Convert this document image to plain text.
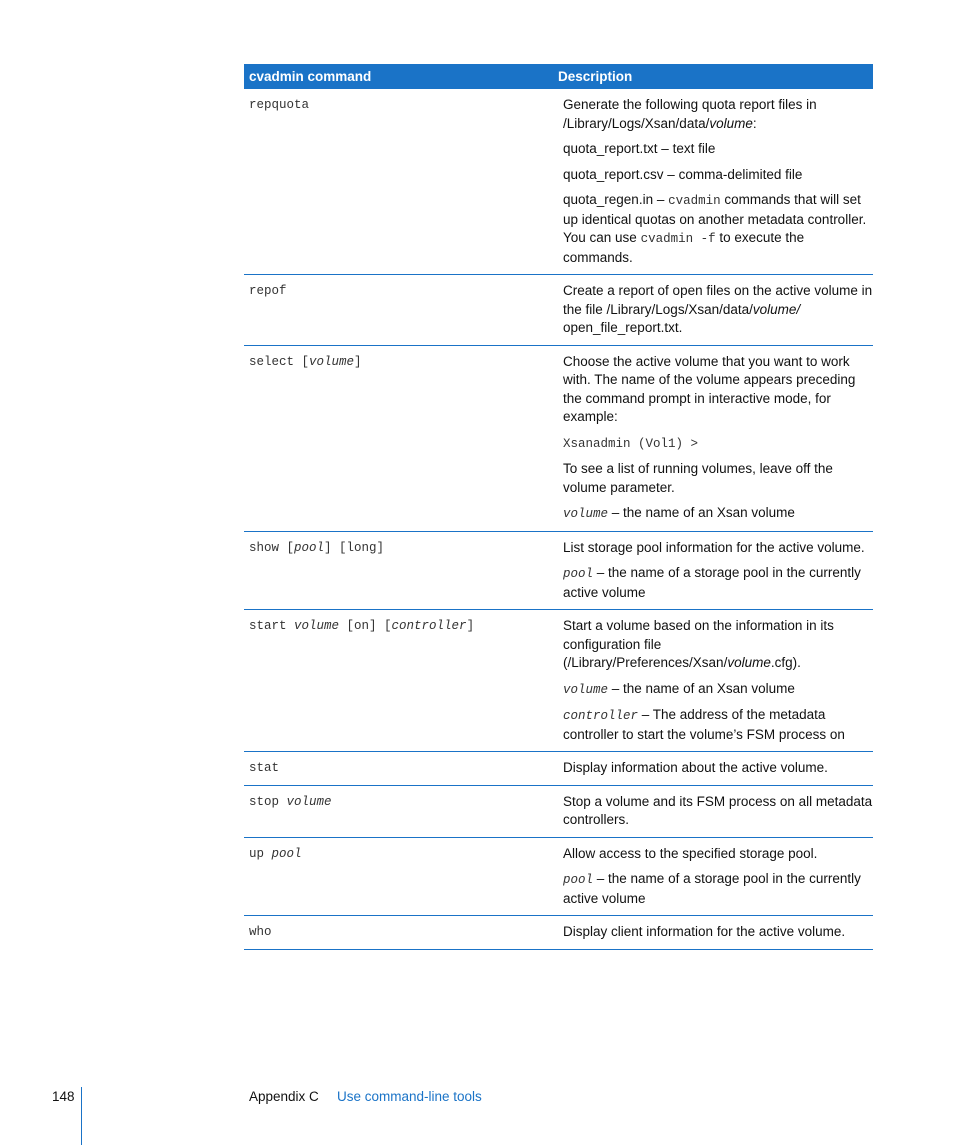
cvadmin command	Description
repquota	Generate the following quota report files in /Library/Logs/Xsan/data/volume:

quota_report.txt – text file

quota_report.csv – comma-delimited file

quota_regen.in – cvadmin commands that will set up identical quotas on another metadata controller. You can use cvadmin -f to execute the commands.

repof	Create a report of open files on the active volume in the file /Library/Logs/Xsan/data/volume/ open_file_report.txt.

select [volume]	Choose the active volume that you want to work with. The name of the volume appears preceding the command prompt in interactive mode, for example:

Xsanadmin (Vol1) >

To see a list of running volumes, leave off the volume parameter.

volume – the name of an Xsan volume

show [pool] [long]	List storage pool information for the active volume.

pool – the name of a storage pool in the currently active volume

start volume [on] [controller]	Start a volume based on the information in its configuration file (/Library/Preferences/Xsan/volume.cfg).

volume – the name of an Xsan volume

controller – The address of the metadata controller to start the volume’s FSM process on

stat	Display information about the active volume.

stop volume	Stop a volume and its FSM process on all metadata controllers.

up pool	Allow access to the specified storage pool.

pool – the name of a storage pool in the currently active volume

who	Display client information for the active volume.

148	Appendix C Use command-line tools
